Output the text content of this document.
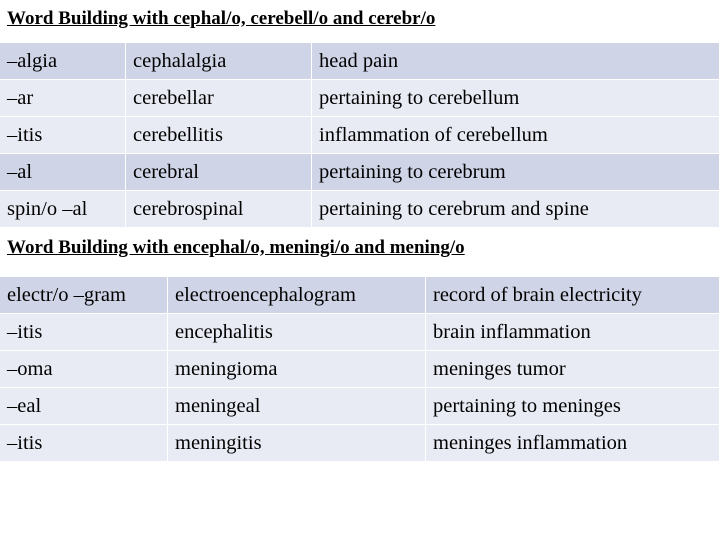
Word Building with cephal/o, cerebell/o and cerebr/o
–algia	cephalalgia	head pain
–ar	cerebellar	pertaining to cerebellum
–itis	cerebellitis	inflammation of cerebellum
–al	cerebral	pertaining to cerebrum
spin/o –al	cerebrospinal	pertaining to cerebrum and spine
Word Building with encephal/o, meningi/o and mening/o
electr/o –gram	electroencephalogram	record of brain electricity
–itis	encephalitis	brain inflammation
–oma	meningioma	meninges tumor
–eal	meningeal	pertaining to meninges
–itis	meningitis	meninges inflammation
